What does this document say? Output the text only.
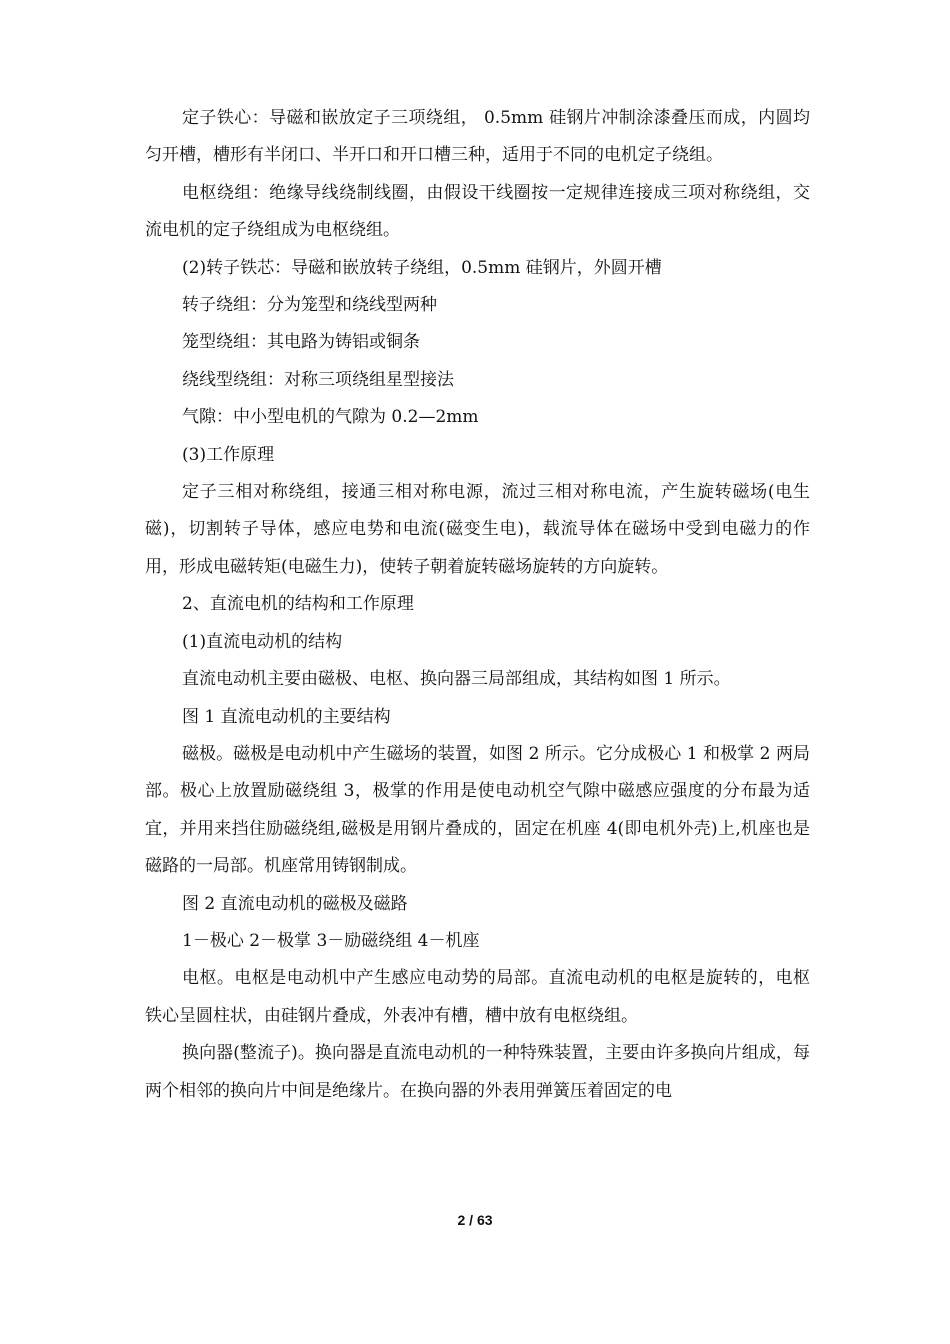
定子铁心：导磁和嵌放定子三项绕组， 0.5mm 硅钢片冲制涂漆叠压而成，内圆均匀开槽，槽形有半闭口、半开口和开口槽三种，适用于不同的电机定子绕组。

电枢绕组：绝缘导线绕制线圈，由假设干线圈按一定规律连接成三项对称绕组，交流电机的定子绕组成为电枢绕组。

(2)转子铁芯：导磁和嵌放转子绕组，0.5mm 硅钢片，外圆开槽

转子绕组：分为笼型和绕线型两种

笼型绕组：其电路为铸铝或铜条

绕线型绕组：对称三项绕组星型接法

气隙：中小型电机的气隙为 0.2—2mm

(3)工作原理

定子三相对称绕组，接通三相对称电源，流过三相对称电流，产生旋转磁场(电生磁)，切割转子导体，感应电势和电流(磁变生电)，载流导体在磁场中受到电磁力的作用，形成电磁转矩(电磁生力)，使转子朝着旋转磁场旋转的方向旋转。

2、直流电机的结构和工作原理

(1)直流电动机的结构

直流电动机主要由磁极、电枢、换向器三局部组成，其结构如图 1 所示。

图 1 直流电动机的主要结构

磁极。磁极是电动机中产生磁场的装置，如图 2 所示。它分成极心 1 和极掌 2 两局部。极心上放置励磁绕组 3，极掌的作用是使电动机空气隙中磁感应强度的分布最为适宜，并用来挡住励磁绕组,磁极是用钢片叠成的，固定在机座 4(即电机外壳)上,机座也是磁路的一局部。机座常用铸钢制成。

图 2 直流电动机的磁极及磁路

1－极心 2－极掌 3－励磁绕组 4－机座

电枢。电枢是电动机中产生感应电动势的局部。直流电动机的电枢是旋转的，电枢铁心呈圆柱状，由硅钢片叠成，外表冲有槽，槽中放有电枢绕组。

换向器(整流子)。换向器是直流电动机的一种特殊装置，主要由许多换向片组成，每两个相邻的换向片中间是绝缘片。在换向器的外表用弹簧压着固定的电

2 / 63
